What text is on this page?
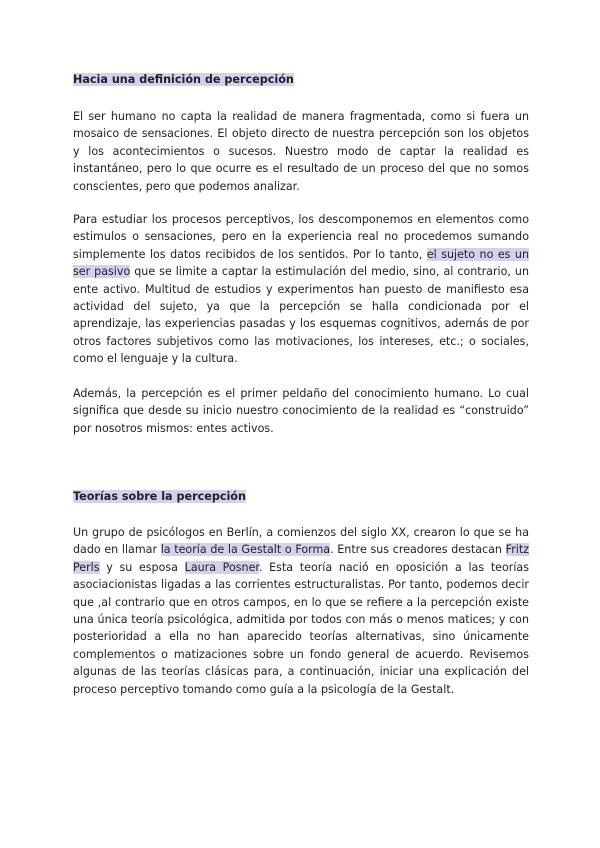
Hacia una definición de percepción

El ser humano no capta la realidad de manera fragmentada, como si fuera un mosaico de sensaciones. El objeto directo de nuestra percepción son los objetos y los acontecimientos o sucesos. Nuestro modo de captar la realidad es instantáneo, pero lo que ocurre es el resultado de un proceso del que no somos conscientes, pero que podemos analizar.

Para estudiar los procesos perceptivos, los descomponemos en elementos como estimulos o sensaciones, pero en la experiencia real no procedemos sumando simplemente los datos recibidos de los sentidos. Por lo tanto, el sujeto no es un ser pasivo que se limite a captar la estimulación del medio, sino, al contrario, un ente activo. Multitud de estudios y experimentos han puesto de manifiesto esa actividad del sujeto, ya que la percepción se halla condicionada por el aprendizaje, las experiencias pasadas y los esquemas cognitivos, además de por otros factores subjetivos como las motivaciones, los intereses, etc.; o sociales, como el lenguaje y la cultura.

Además, la percepción es el primer peldaño del conocimiento humano. Lo cual significa que desde su inicio nuestro conocimiento de la realidad es “construido” por nosotros mismos: entes activos.

Teorías sobre la percepción

Un grupo de psicólogos en Berlín, a comienzos del siglo XX, crearon lo que se ha dado en llamar la teoría de la Gestalt o Forma. Entre sus creadores destacan Fritz Perls y su esposa Laura Posner. Esta teoría nació en oposición a las teorías asociacionistas ligadas a las corrientes estructuralistas. Por tanto, podemos decir que ,al contrario que en otros campos, en lo que se refiere a la percepción existe una única teoría psicológica, admitida por todos con más o menos matices; y con posterioridad a ella no han aparecido teorías alternativas, sino únicamente complementos o matizaciones sobre un fondo general de acuerdo. Revisemos algunas de las teorías clásicas para, a continuación, iniciar una explicación del proceso perceptivo tomando como guía a la psicología de la Gestalt.
